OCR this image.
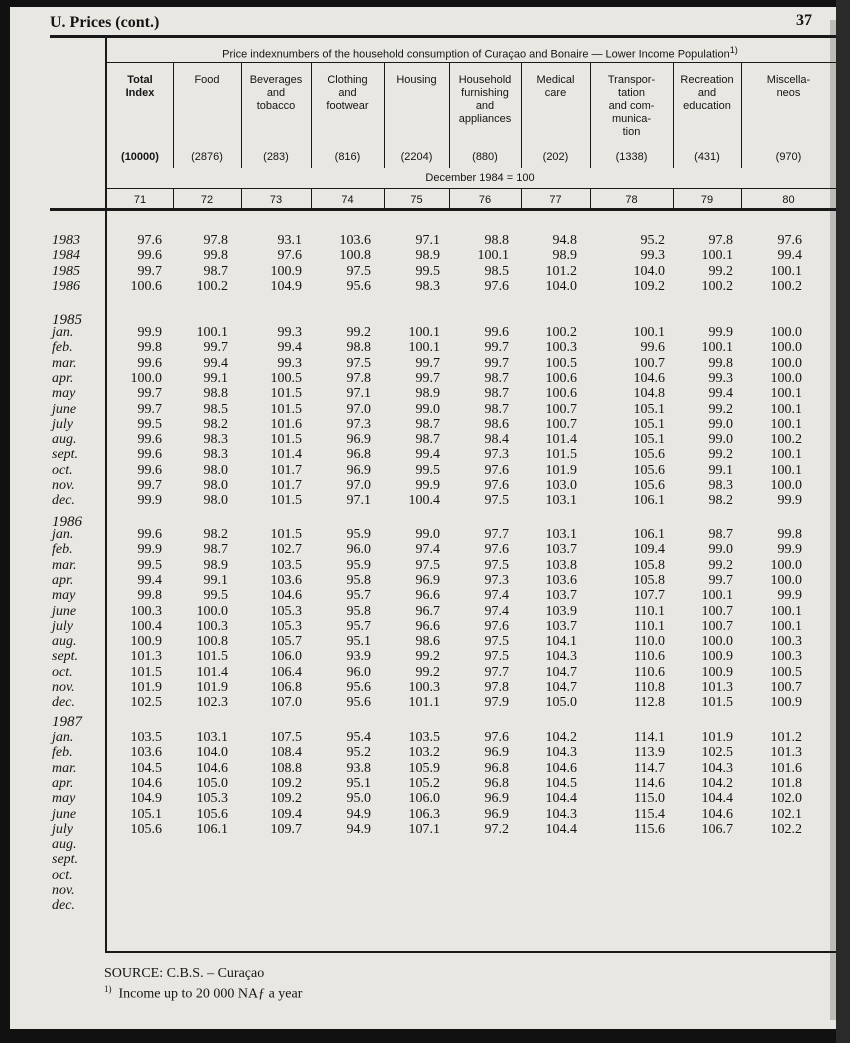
U. Prices (cont.)	37
Price indexnumbers of the household consumption of Curaçao and Bonaire — Lower Income Population$^{1)}$
December 1984 = 100
Total
Index
(10000)
71
Food
(2876)
72
Beverages
and
tobacco
(283)
73
Clothing
and
footwear
(816)
74
Housing
(2204)
75
Household
furnishing
and
appliances
(880)
76
Medical
care
(202)
77
Transpor-
tation
and com-
munica-
tion
(1338)
78
Recreation
and
education
(431)
79
Miscella-
neos
(970)
80
1983	97.6	97.8	93.1	103.6	97.1	98.8	94.8	95.2	97.8	97.6
1984	99.6	99.8	97.6	100.8	98.9	100.1	98.9	99.3	100.1	99.4
1985	99.7	98.7	100.9	97.5	99.5	98.5	101.2	104.0	99.2	100.1
1986	100.6	100.2	104.9	95.6	98.3	97.6	104.0	109.2	100.2	100.2
1985
jan.	99.9	100.1	99.3	99.2	100.1	99.6	100.2	100.1	99.9	100.0
feb.	99.8	99.7	99.4	98.8	100.1	99.7	100.3	99.6	100.1	100.0
mar.	99.6	99.4	99.3	97.5	99.7	99.7	100.5	100.7	99.8	100.0
apr.	100.0	99.1	100.5	97.8	99.7	98.7	100.6	104.6	99.3	100.0
may	99.7	98.8	101.5	97.1	98.9	98.7	100.6	104.8	99.4	100.1
june	99.7	98.5	101.5	97.0	99.0	98.7	100.7	105.1	99.2	100.1
july	99.5	98.2	101.6	97.3	98.7	98.6	100.7	105.1	99.0	100.1
aug.	99.6	98.3	101.5	96.9	98.7	98.4	101.4	105.1	99.0	100.2
sept.	99.6	98.3	101.4	96.8	99.4	97.3	101.5	105.6	99.2	100.1
oct.	99.6	98.0	101.7	96.9	99.5	97.6	101.9	105.6	99.1	100.1
nov.	99.7	98.0	101.7	97.0	99.9	97.6	103.0	105.6	98.3	100.0
dec.	99.9	98.0	101.5	97.1	100.4	97.5	103.1	106.1	98.2	99.9
1986
jan.	99.6	98.2	101.5	95.9	99.0	97.7	103.1	106.1	98.7	99.8
feb.	99.9	98.7	102.7	96.0	97.4	97.6	103.7	109.4	99.0	99.9
mar.	99.5	98.9	103.5	95.9	97.5	97.5	103.8	105.8	99.2	100.0
apr.	99.4	99.1	103.6	95.8	96.9	97.3	103.6	105.8	99.7	100.0
may	99.8	99.5	104.6	95.7	96.6	97.4	103.7	107.7	100.1	99.9
june	100.3	100.0	105.3	95.8	96.7	97.4	103.9	110.1	100.7	100.1
july	100.4	100.3	105.3	95.7	96.6	97.6	103.7	110.1	100.7	100.1
aug.	100.9	100.8	105.7	95.1	98.6	97.5	104.1	110.0	100.0	100.3
sept.	101.3	101.5	106.0	93.9	99.2	97.5	104.3	110.6	100.9	100.3
oct.	101.5	101.4	106.4	96.0	99.2	97.7	104.7	110.6	100.9	100.5
nov.	101.9	101.9	106.8	95.6	100.3	97.8	104.7	110.8	101.3	100.7
dec.	102.5	102.3	107.0	95.6	101.1	97.9	105.0	112.8	101.5	100.9
1987
jan.	103.5	103.1	107.5	95.4	103.5	97.6	104.2	114.1	101.9	101.2
feb.	103.6	104.0	108.4	95.2	103.2	96.9	104.3	113.9	102.5	101.3
mar.	104.5	104.6	108.8	93.8	105.9	96.8	104.6	114.7	104.3	101.6
apr.	104.6	105.0	109.2	95.1	105.2	96.8	104.5	114.6	104.2	101.8
may	104.9	105.3	109.2	95.0	106.0	96.9	104.4	115.0	104.4	102.0
june	105.1	105.6	109.4	94.9	106.3	96.9	104.3	115.4	104.6	102.1
july	105.6	106.1	109.7	94.9	107.1	97.2	104.4	115.6	106.7	102.2
aug.
sept.
oct.
nov.
dec.
SOURCE: C.B.S. – Curaçao
$^{1)}$ Income up to 20 000 NAƒ a year
